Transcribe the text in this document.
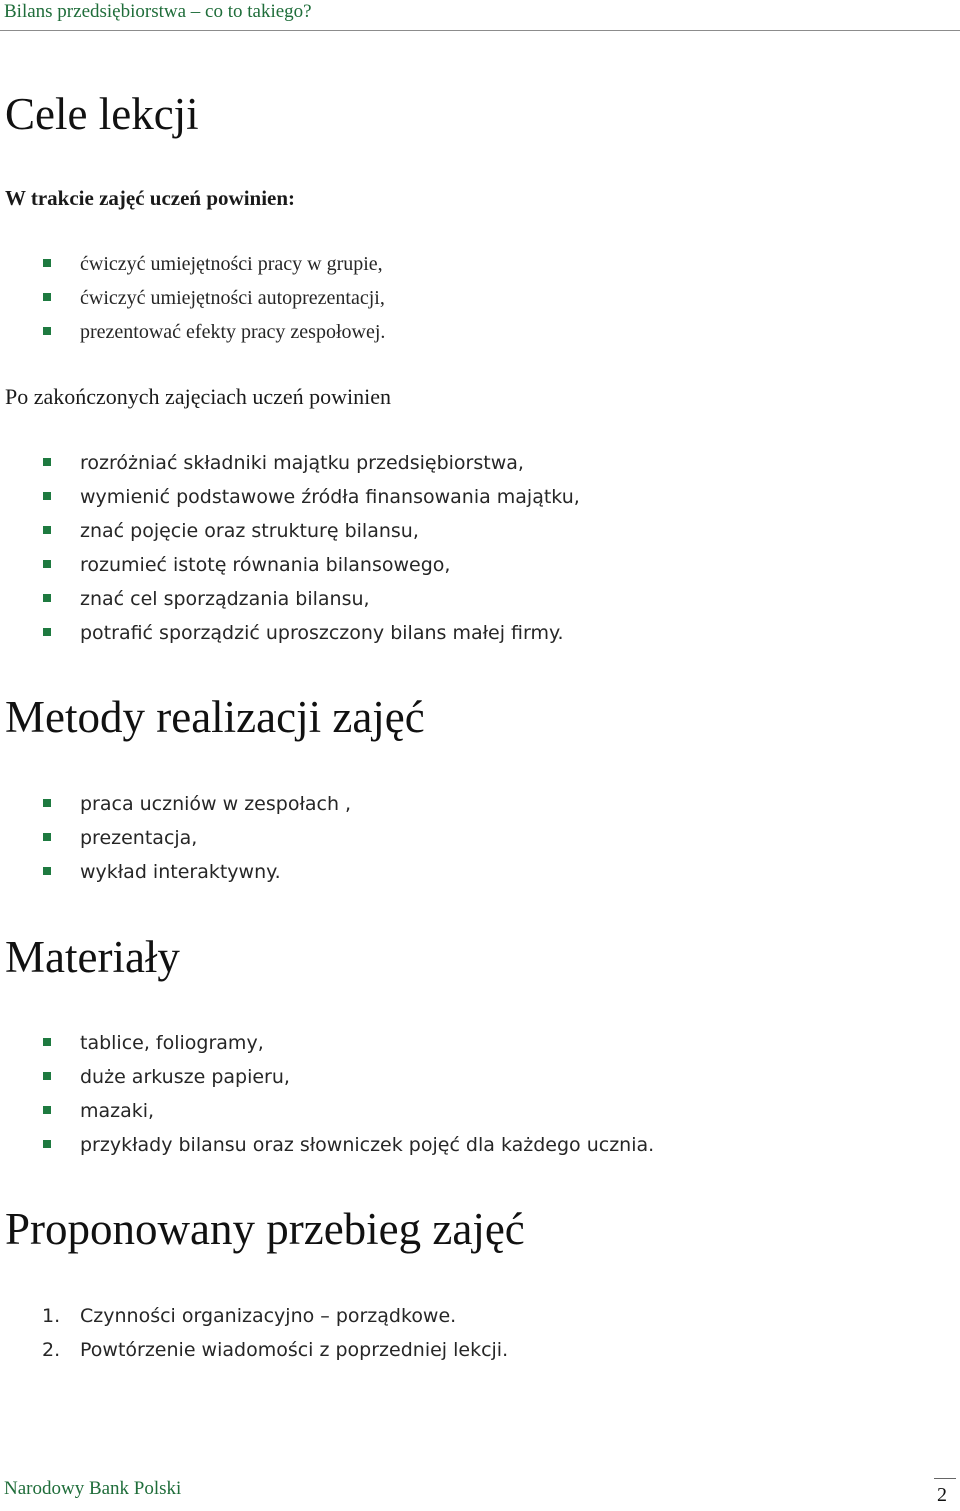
Bilans przedsiębiorstwa – co to takiego?
Cele lekcji
W trakcie zajęć uczeń powinien:
ćwiczyć umiejętności pracy w grupie,
ćwiczyć umiejętności autoprezentacji,
prezentować efekty pracy zespołowej.
Po zakończonych zajęciach uczeń powinien
rozróżniać składniki majątku przedsiębiorstwa,
wymienić podstawowe źródła finansowania majątku,
znać pojęcie oraz strukturę bilansu,
rozumieć istotę równania bilansowego,
znać cel sporządzania bilansu,
potrafić sporządzić uproszczony bilans małej firmy.
Metody realizacji zajęć
praca uczniów w zespołach ,
prezentacja,
wykład interaktywny.
Materiały
tablice, foliogramy,
duże arkusze papieru,
mazaki,
przykłady bilansu oraz słowniczek pojęć dla każdego ucznia.
Proponowany przebieg zajęć
1. Czynności organizacyjno – porządkowe.
2. Powtórzenie wiadomości z poprzedniej lekcji.
Narodowy Bank Polski	2
